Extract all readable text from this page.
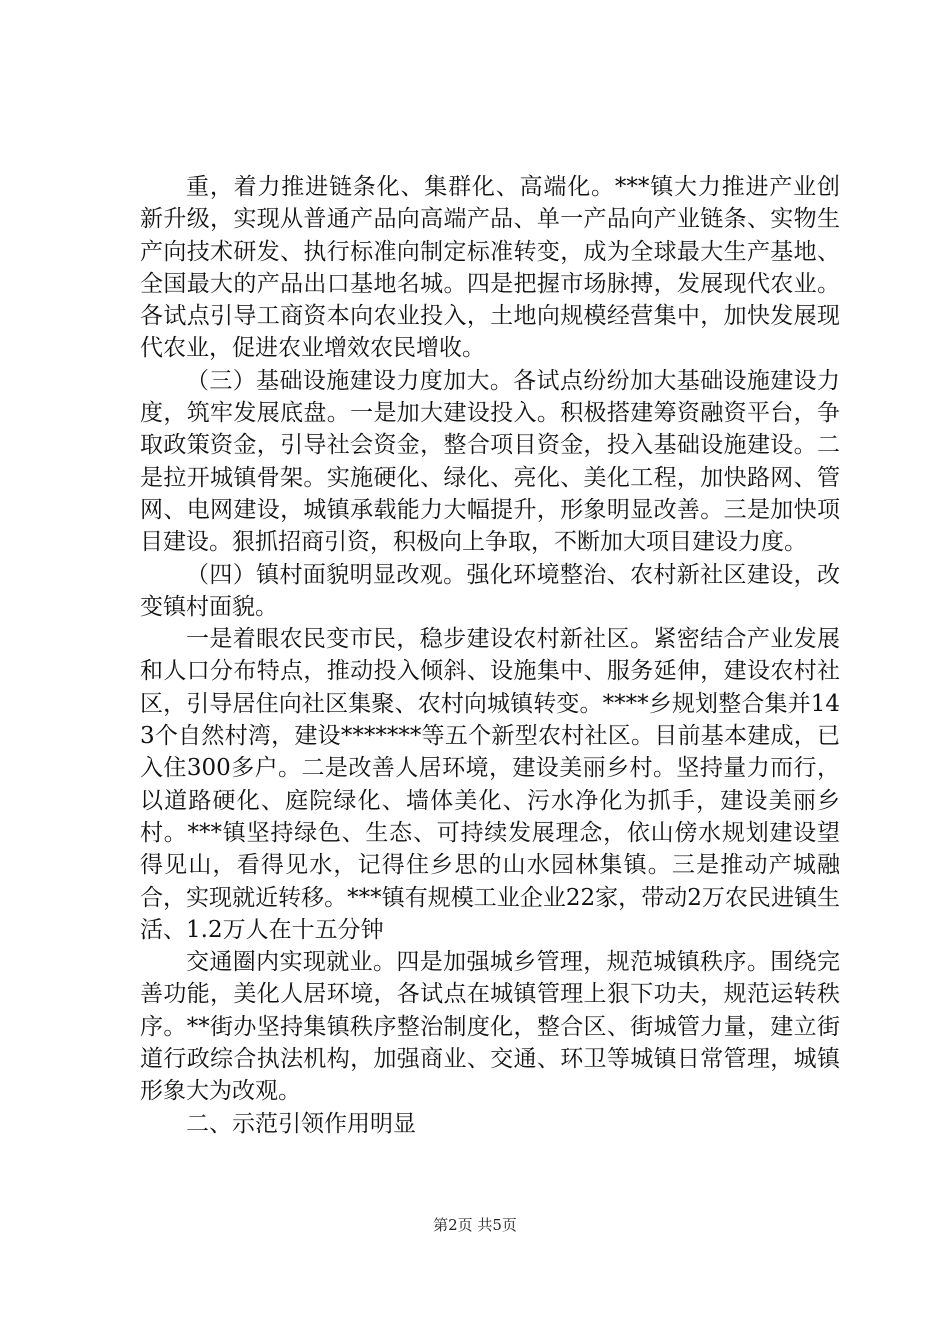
重，着力推进链条化、集群化、高端化。***镇大力推进产业创新升级，实现从普通产品向高端产品、单一产品向产业链条、实物生产向技术研发、执行标准向制定标准转变，成为全球最大生产基地、全国最大的产品出口基地名城。四是把握市场脉搏，发展现代农业。各试点引导工商资本向农业投入，土地向规模经营集中，加快发展现代农业，促进农业增效农民增收。

（三）基础设施建设力度加大。各试点纷纷加大基础设施建设力度，筑牢发展底盘。一是加大建设投入。积极搭建筹资融资平台，争取政策资金，引导社会资金，整合项目资金，投入基础设施建设。二是拉开城镇骨架。实施硬化、绿化、亮化、美化工程，加快路网、管网、电网建设，城镇承载能力大幅提升，形象明显改善。三是加快项目建设。狠抓招商引资，积极向上争取，不断加大项目建设力度。

（四）镇村面貌明显改观。强化环境整治、农村新社区建设，改变镇村面貌。

一是着眼农民变市民，稳步建设农村新社区。紧密结合产业发展和人口分布特点，推动投入倾斜、设施集中、服务延伸，建设农村社区，引导居住向社区集聚、农村向城镇转变。****乡规划整合集并143个自然村湾，建设*******等五个新型农村社区。目前基本建成，已入住300多户。二是改善人居环境，建设美丽乡村。坚持量力而行，以道路硬化、庭院绿化、墙体美化、污水净化为抓手，建设美丽乡村。***镇坚持绿色、生态、可持续发展理念，依山傍水规划建设望得见山，看得见水，记得住乡思的山水园林集镇。三是推动产城融合，实现就近转移。***镇有规模工业企业22家，带动2万农民进镇生活、1.2万人在十五分钟

交通圈内实现就业。四是加强城乡管理，规范城镇秩序。围绕完善功能，美化人居环境，各试点在城镇管理上狠下功夫，规范运转秩序。**街办坚持集镇秩序整治制度化，整合区、街城管力量，建立街道行政综合执法机构，加强商业、交通、环卫等城镇日常管理，城镇形象大为改观。

二、示范引领作用明显

第2页 共5页
